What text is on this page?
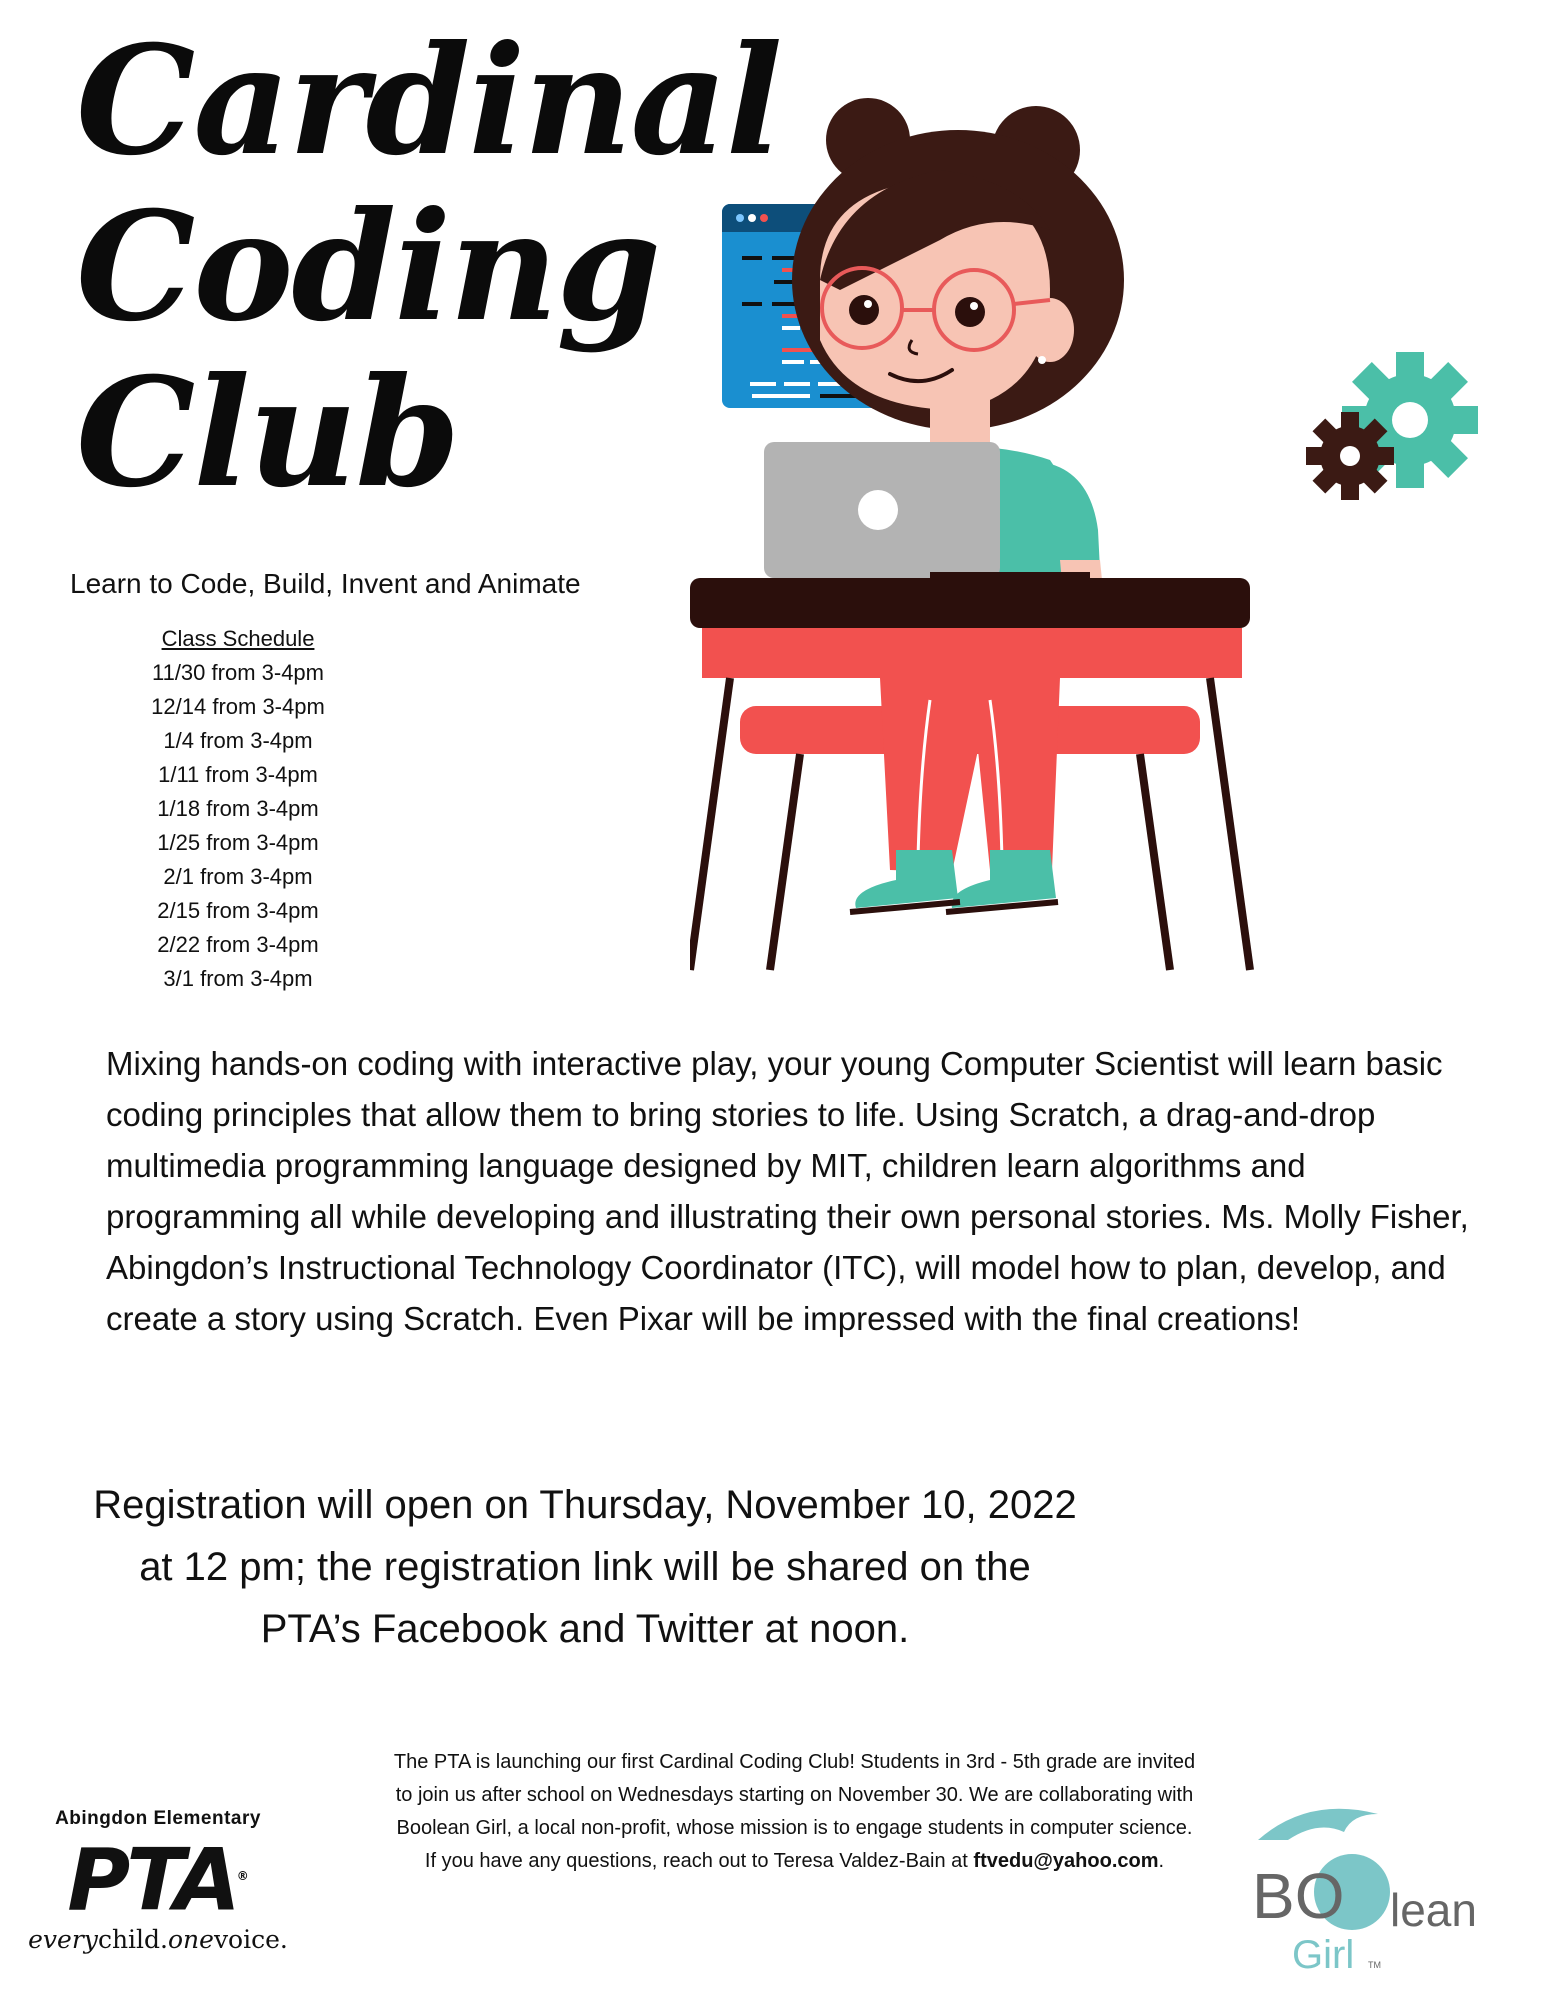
Cardinal
Coding
Club
Learn to Code, Build, Invent and Animate
Class Schedule
11/30 from 3-4pm
12/14 from 3-4pm
1/4 from 3-4pm
1/11 from 3-4pm
1/18 from 3-4pm
1/25 from 3-4pm
2/1 from 3-4pm
2/15 from 3-4pm
2/22 from 3-4pm
3/1 from 3-4pm

Mixing hands-on coding with interactive play, your young Computer Scientist will learn basic coding principles that allow them to bring stories to life. Using Scratch, a drag-and-drop multimedia programming language designed by MIT, children learn algorithms and programming all while developing and illustrating their own personal stories. Ms. Molly Fisher, Abingdon’s Instructional Technology Coordinator (ITC), will model how to plan, develop, and create a story using Scratch. Even Pixar will be impressed with the final creations!

Registration will open on Thursday, November 10, 2022 at 12 pm; the registration link will be shared on the PTA’s Facebook and Twitter at noon.

The PTA is launching our first Cardinal Coding Club! Students in 3rd - 5th grade are invited to join us after school on Wednesdays starting on November 30. We are collaborating with Boolean Girl, a local non-profit, whose mission is to engage students in computer science. If you have any questions, reach out to Teresa Valdez-Bain at ftvedu@yahoo.com.

Abingdon Elementary
PTA®
everychild.onevoice.
BO lean
Girl TM
